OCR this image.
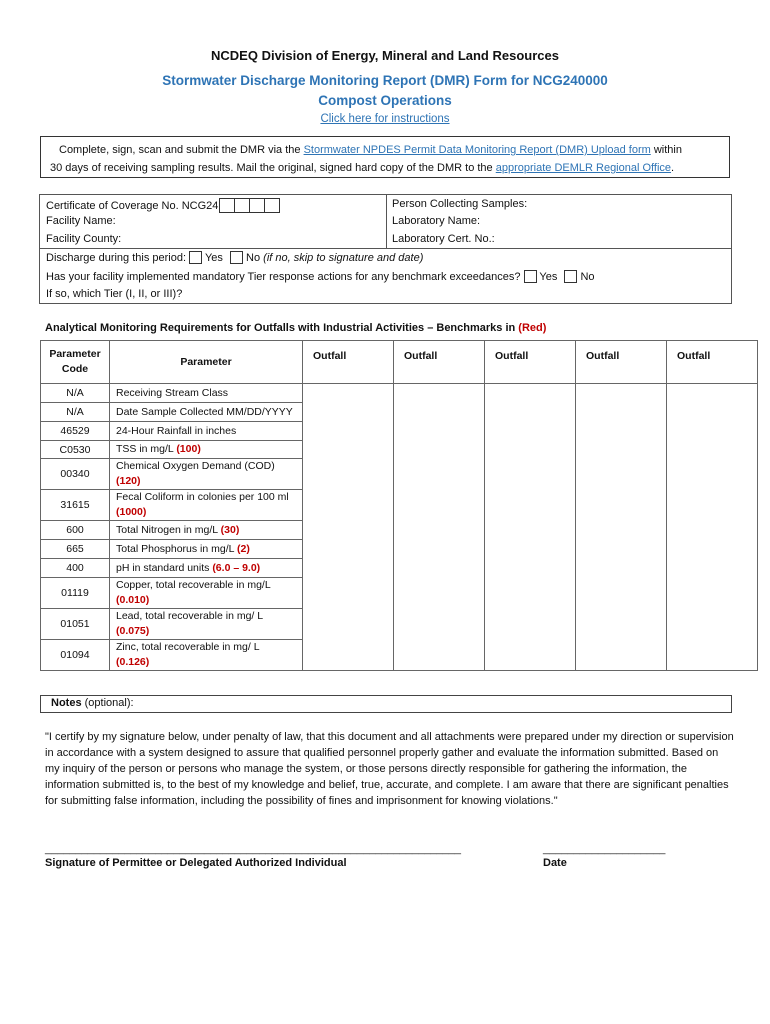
NCDEQ Division of Energy, Mineral and Land Resources
Stormwater Discharge Monitoring Report (DMR) Form for NCG240000
Compost Operations
Click here for instructions
Complete, sign, scan and submit the DMR via the Stormwater NPDES Permit Data Monitoring Report (DMR) Upload form within
30 days of receiving sampling results. Mail the original, signed hard copy of the DMR to the appropriate DEMLR Regional Office.
Certificate of Coverage No. NCG24
Facility Name:
Facility County:
Person Collecting Samples:
Laboratory Name:
Laboratory Cert. No.:
Discharge during this period: Yes No (if no, skip to signature and date)
Has your facility implemented mandatory Tier response actions for any benchmark exceedances? Yes No
If so, which Tier (I, II, or III)?
Analytical Monitoring Requirements for Outfalls with Industrial Activities – Benchmarks in (Red)
Parameter Code	Parameter	Outfall	Outfall	Outfall	Outfall	Outfall
N/A	Receiving Stream Class					
N/A	Date Sample Collected MM/DD/YYYY					
46529	24-Hour Rainfall in inches					
C0530	TSS in mg/L (100)					
00340	Chemical Oxygen Demand (COD)
(120)					
31615	Fecal Coliform in colonies per 100 ml
(1000)					
600	Total Nitrogen in mg/L (30)					
665	Total Phosphorus in mg/L (2)					
400	pH in standard units (6.0 – 9.0)					
01119	Copper, total recoverable in mg/L
(0.010)					
01051	Lead, total recoverable in mg/ L
(0.075)					
01094	Zinc, total recoverable in mg/ L
(0.126)					
Notes (optional):
"I certify by my signature below, under penalty of law, that this document and all attachments were prepared under my direction or supervision in accordance with a system designed to assure that qualified personnel properly gather and evaluate the information submitted. Based on my inquiry of the person or persons who manage the system, or those persons directly responsible for gathering the information, the information submitted is, to the best of my knowledge and belief, true, accurate, and complete. I am aware that there are significant penalties for submitting false information, including the possibility of fines and imprisonment for knowing violations."
____________________________________________________________________	____________________
Signature of Permittee or Delegated Authorized Individual	Date
